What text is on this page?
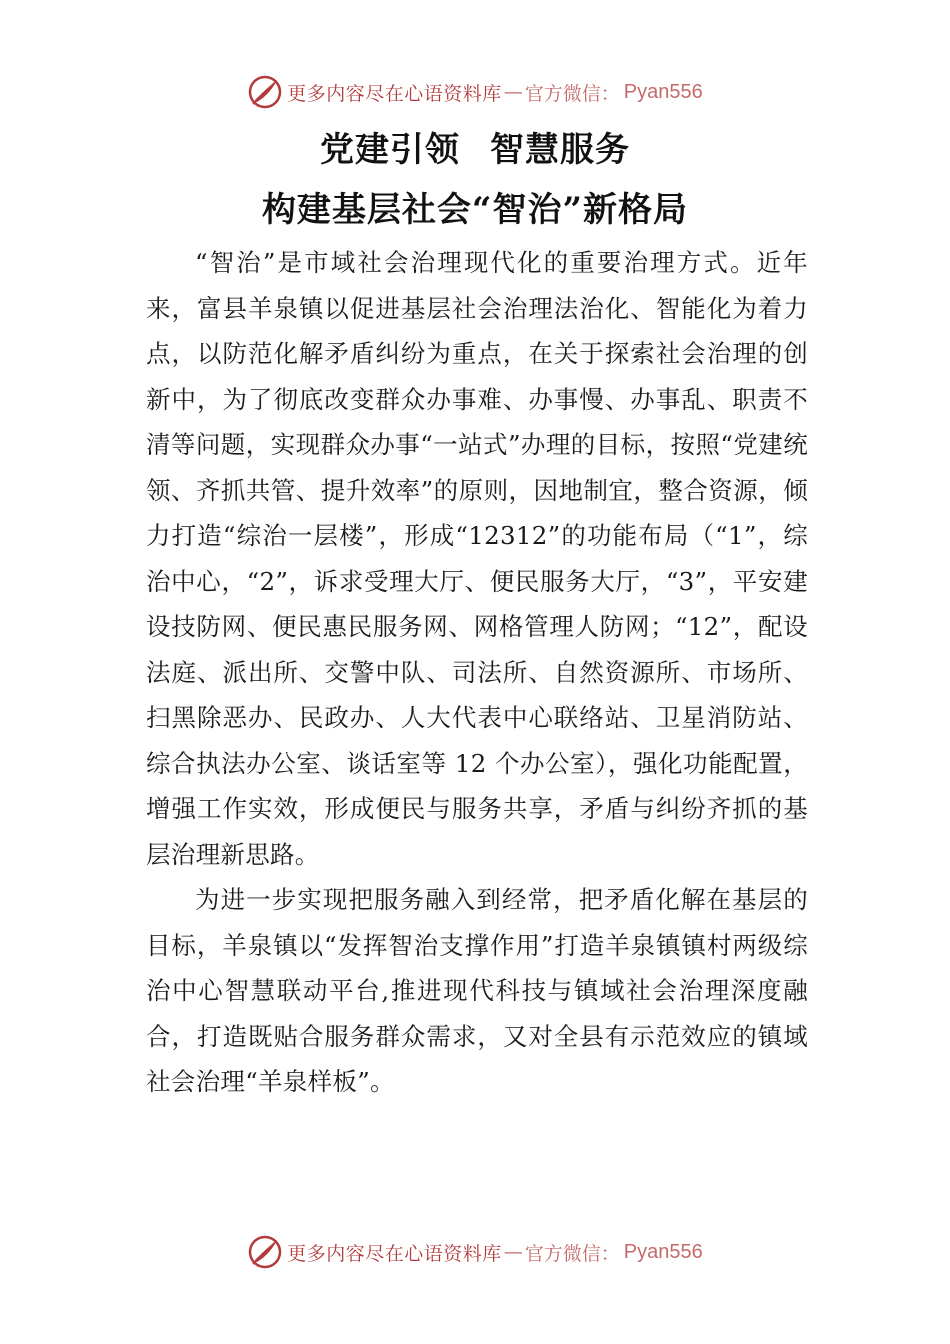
更多内容尽在心语资料库 — 官方微信： Pyan556
党建引领 智慧服务
构建基层社会“智治”新格局

“智治”是市域社会治理现代化的重要治理方式。近年来，富县羊泉镇以促进基层社会治理法治化、智能化为着力点，以防范化解矛盾纠纷为重点，在关于探索社会治理的创新中，为了彻底改变群众办事难、办事慢、办事乱、职责不清等问题，实现群众办事“一站式”办理的目标，按照“党建统领、齐抓共管、提升效率”的原则，因地制宜，整合资源，倾力打造“综治一层楼”，形成“12312”的功能布局（“1”，综治中心，“2”，诉求受理大厅、便民服务大厅，“3”，平安建设技防网、便民惠民服务网、网格管理人防网；“12”，配设法庭、派出所、交警中队、司法所、自然资源所、市场所、扫黑除恶办、民政办、人大代表中心联络站、卫星消防站、综合执法办公室、谈话室等 12 个办公室），强化功能配置，增强工作实效，形成便民与服务共享，矛盾与纠纷齐抓的基层治理新思路。

为进一步实现把服务融入到经常，把矛盾化解在基层的目标，羊泉镇以“发挥智治支撑作用”打造羊泉镇镇村两级综治中心智慧联动平台,推进现代科技与镇域社会治理深度融合，打造既贴合服务群众需求，又对全县有示范效应的镇域社会治理“羊泉样板”。

更多内容尽在心语资料库 — 官方微信： Pyan556
